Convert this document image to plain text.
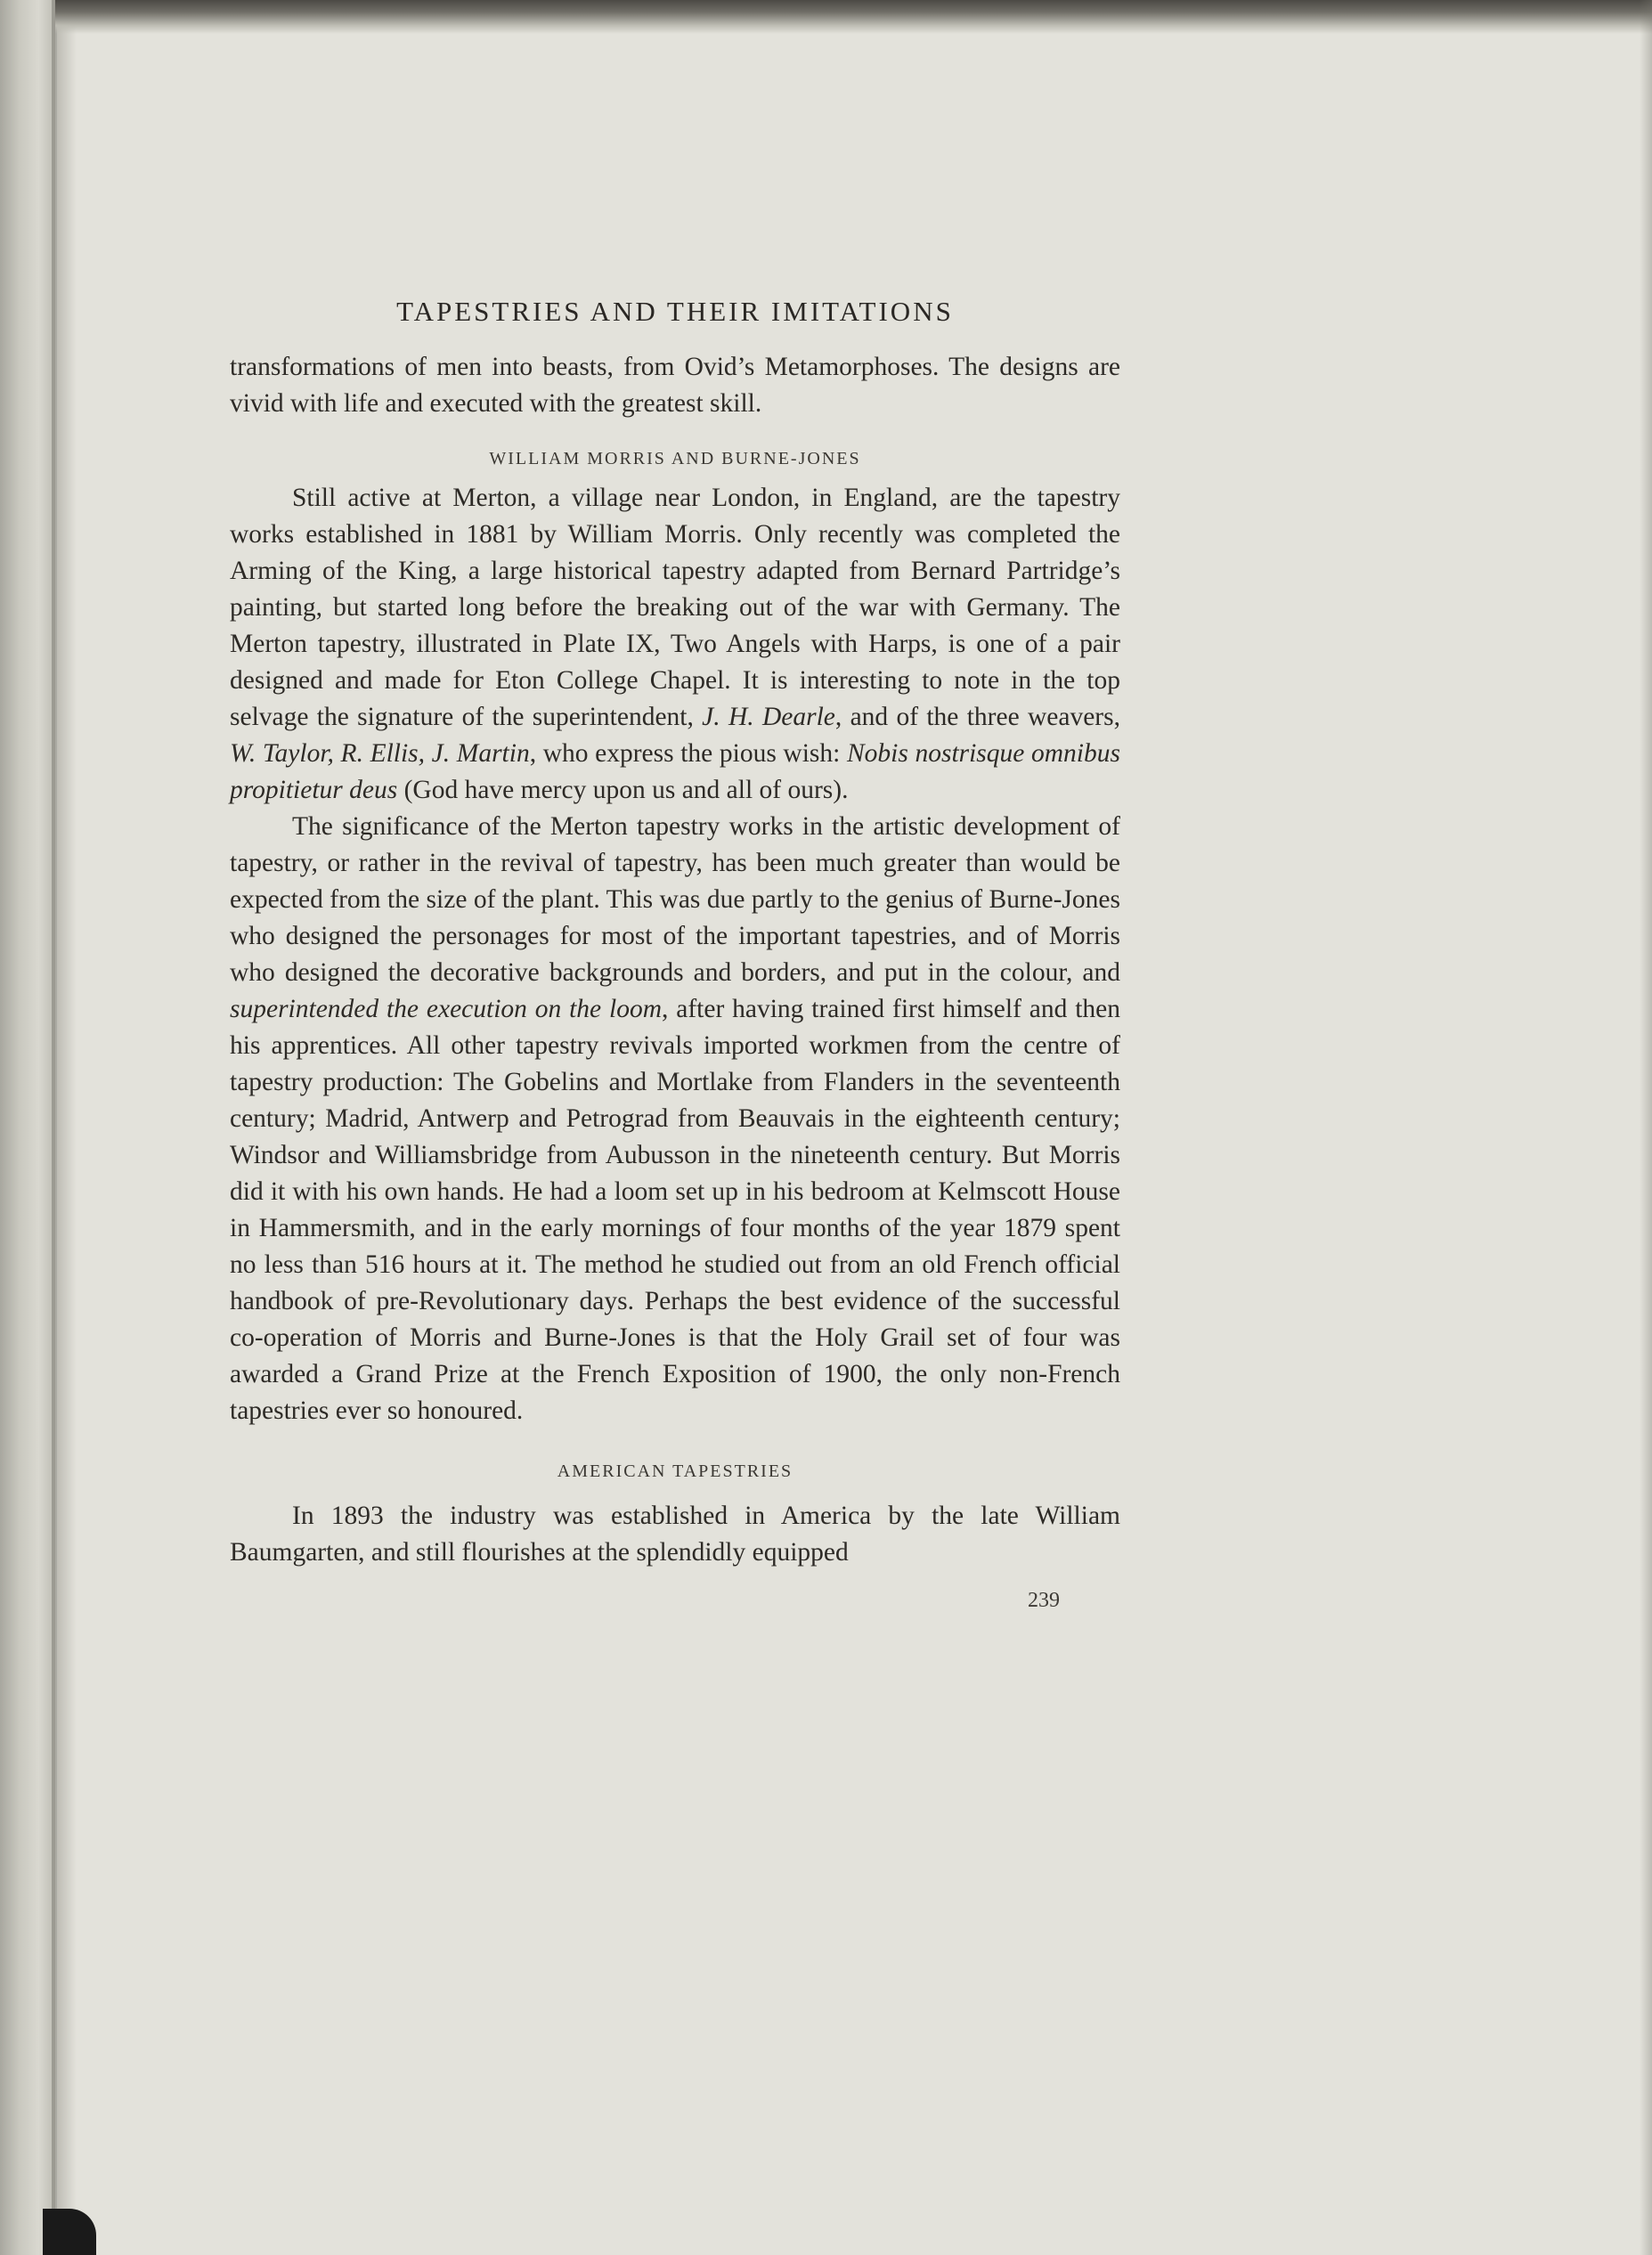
TAPESTRIES AND THEIR IMITATIONS

transformations of men into beasts, from Ovid’s Metamorphoses. The designs are vivid with life and executed with the greatest skill.

WILLIAM MORRIS AND BURNE-JONES

Still active at Merton, a village near London, in England, are the tapestry works established in 1881 by William Morris. Only recently was completed the Arming of the King, a large historical tapestry adapted from Bernard Partridge’s painting, but started long before the breaking out of the war with Germany. The Merton tapestry, illustrated in Plate IX, Two Angels with Harps, is one of a pair designed and made for Eton College Chapel. It is interesting to note in the top selvage the signature of the superintendent, J. H. Dearle, and of the three weavers, W. Taylor, R. Ellis, J. Martin, who express the pious wish: Nobis nostrisque omnibus propitietur deus (God have mercy upon us and all of ours).

The significance of the Merton tapestry works in the artistic development of tapestry, or rather in the revival of tapestry, has been much greater than would be expected from the size of the plant. This was due partly to the genius of Burne-Jones who designed the personages for most of the important tapestries, and of Morris who designed the decorative backgrounds and borders, and put in the colour, and superintended the execution on the loom, after having trained first himself and then his apprentices. All other tapestry revivals imported workmen from the centre of tapestry production: The Gobelins and Mortlake from Flanders in the seventeenth century; Madrid, Antwerp and Petrograd from Beauvais in the eighteenth century; Windsor and Williamsbridge from Aubusson in the nineteenth century. But Morris did it with his own hands. He had a loom set up in his bedroom at Kelmscott House in Hammersmith, and in the early mornings of four months of the year 1879 spent no less than 516 hours at it. The method he studied out from an old French official handbook of pre-Revolutionary days. Perhaps the best evidence of the successful co-operation of Morris and Burne-Jones is that the Holy Grail set of four was awarded a Grand Prize at the French Exposition of 1900, the only non-French tapestries ever so honoured.

AMERICAN TAPESTRIES

In 1893 the industry was established in America by the late William Baumgarten, and still flourishes at the splendidly equipped

239
